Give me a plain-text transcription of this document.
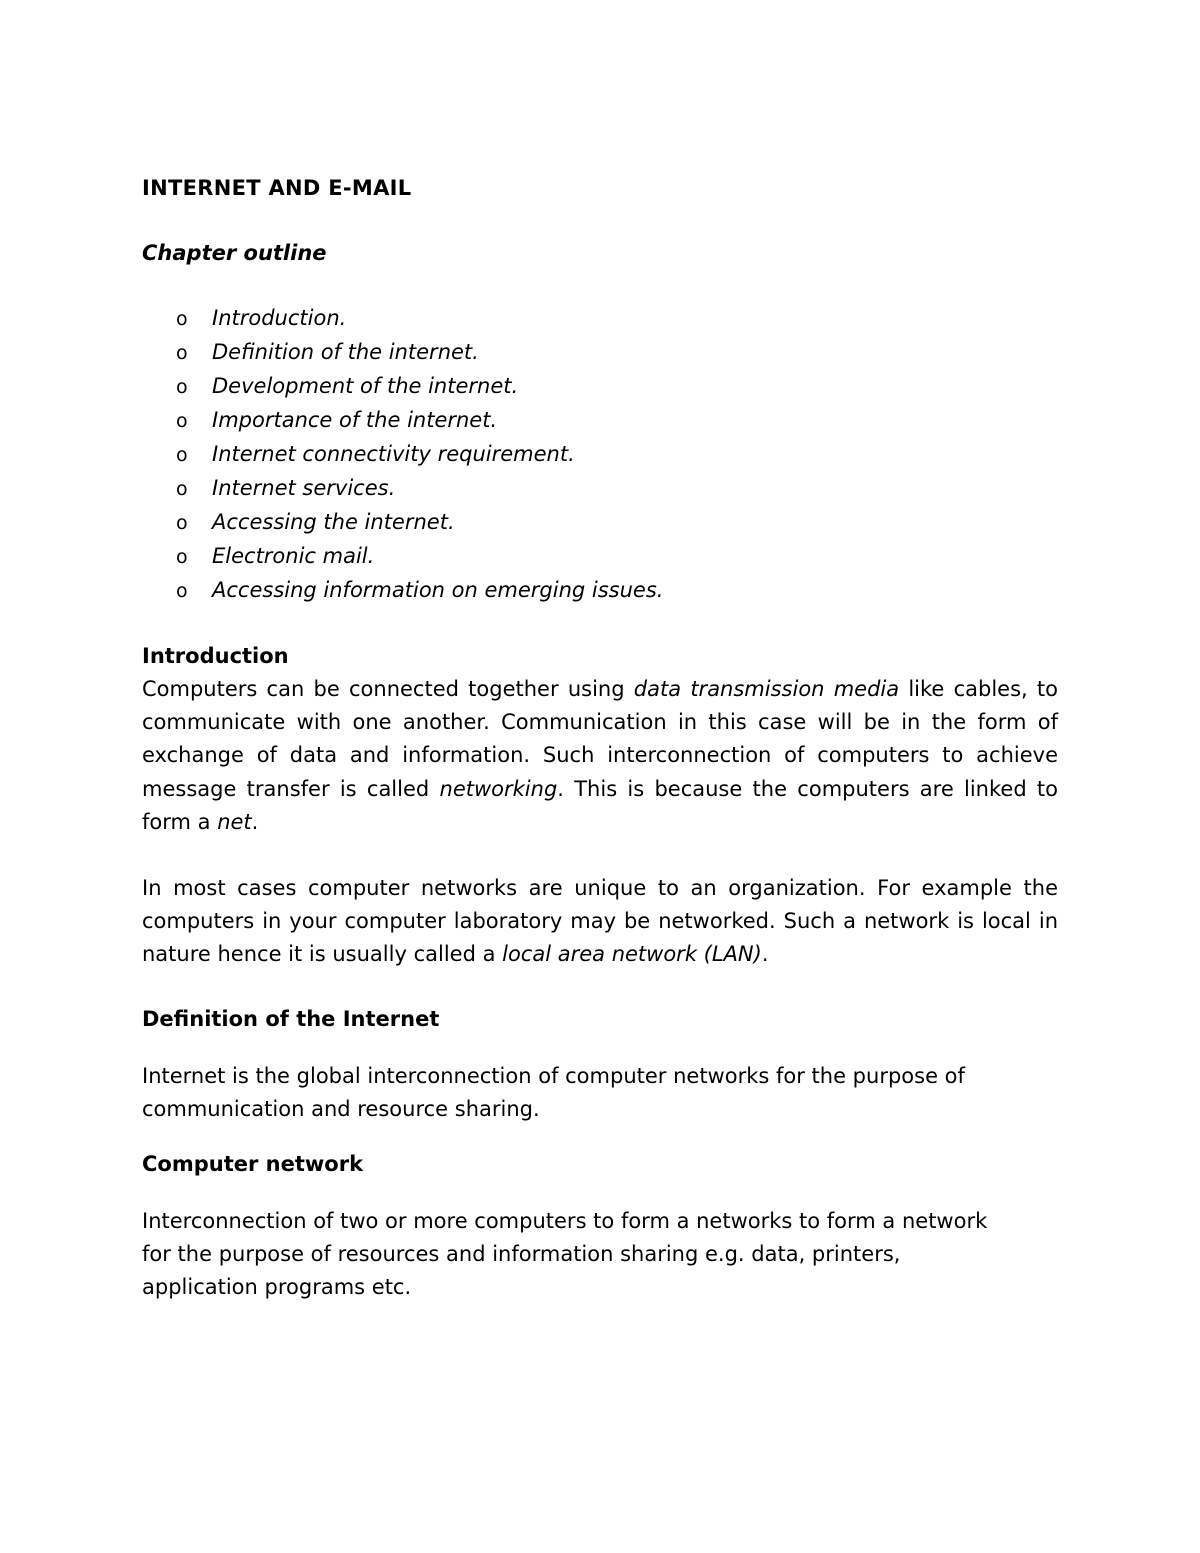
INTERNET AND E-MAIL
Chapter outline
o	Introduction.
o	Definition of the internet.
o	Development of the internet.
o	Importance of the internet.
o	Internet connectivity requirement.
o	Internet services.
o	Accessing the internet.
o	Electronic mail.
o	Accessing information on emerging issues.
Introduction

Computers can be connected together using data transmission media like cables, to communicate with one another. Communication in this case will be in the form of exchange of data and information. Such interconnection of computers to achieve message transfer is called networking. This is because the computers are linked to form a net.

In most cases computer networks are unique to an organization. For example the computers in your computer laboratory may be networked. Such a network is local in nature hence it is usually called a local area network (LAN).

Definition of the Internet

Internet is the global interconnection of computer networks for the purpose of communication and resource sharing.

Computer network

Interconnection of two or more computers to form a networks to form a network for the purpose of resources and information sharing e.g. data, printers, application programs etc.
